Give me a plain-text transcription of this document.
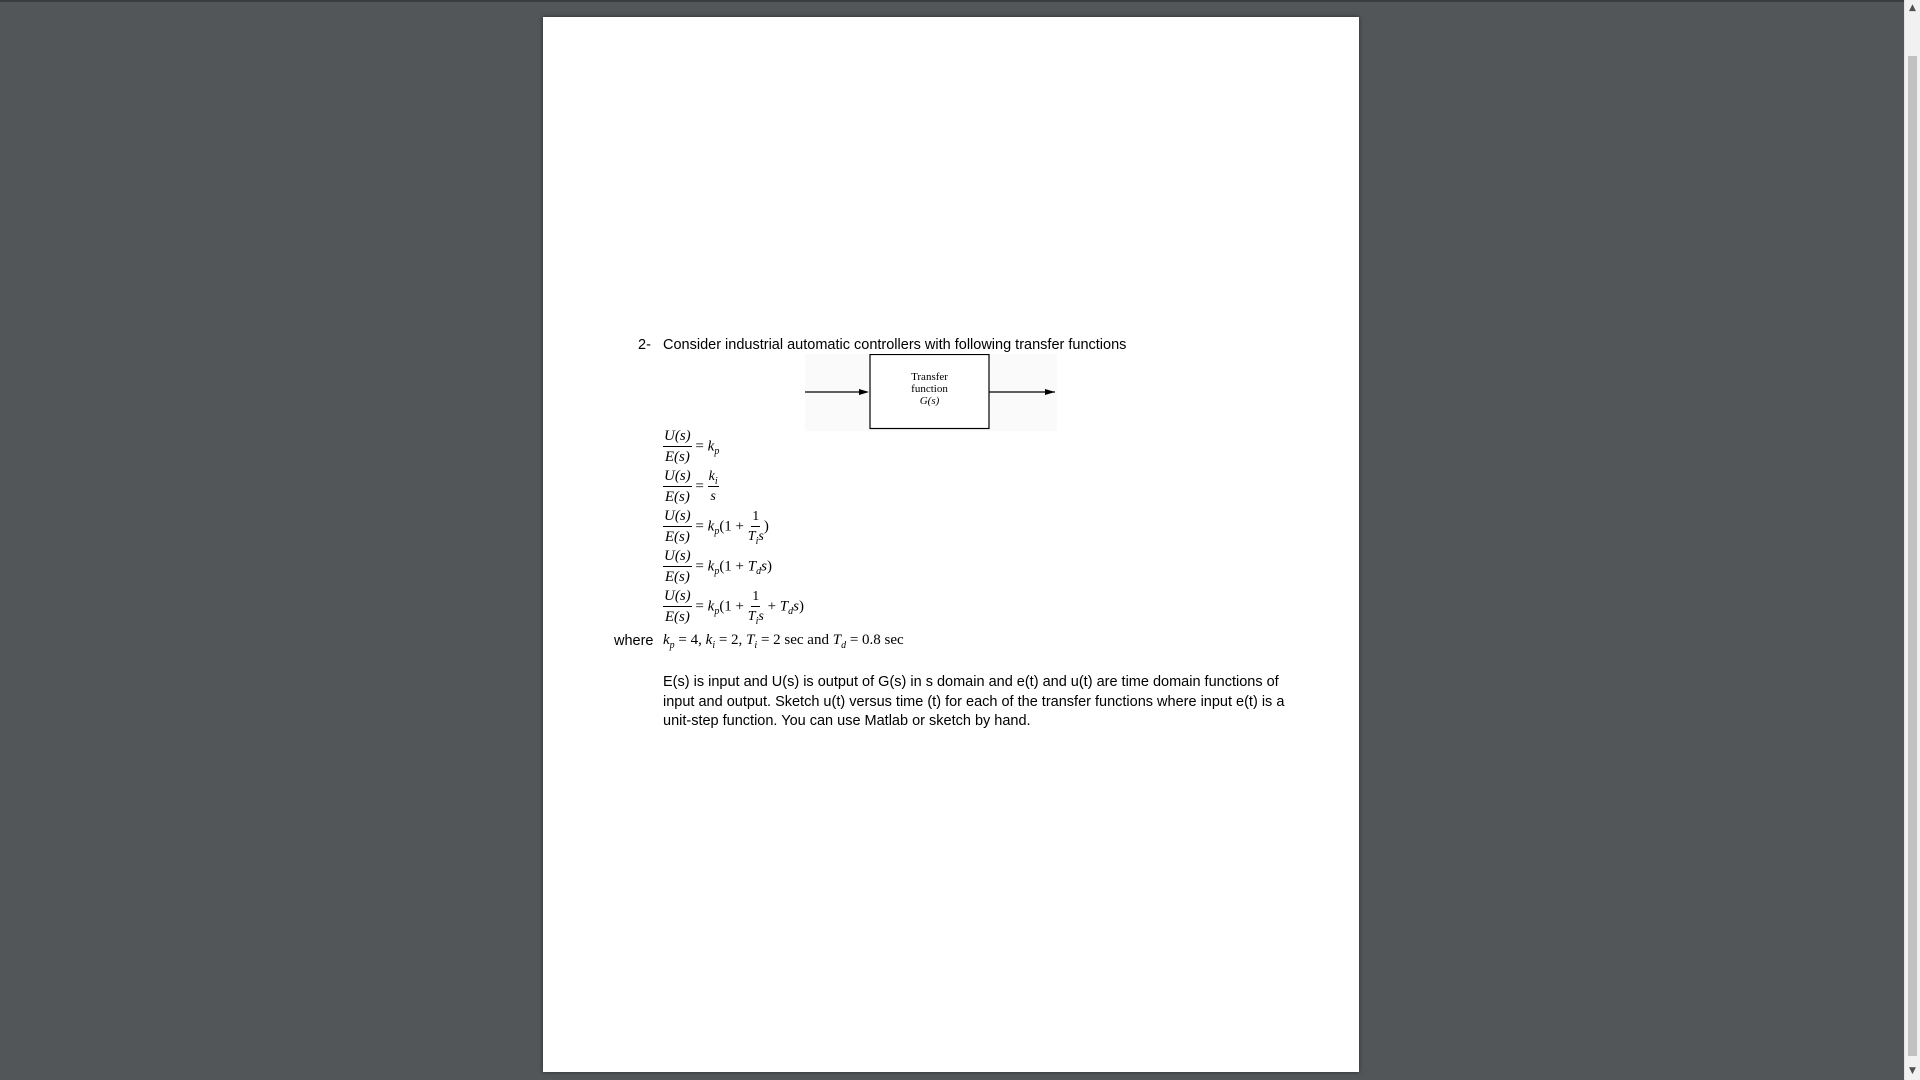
2- Consider industrial automatic controllers with following transfer functions
Transfer
function
G(s)
$\frac{U(s)}{E(s)} = k_p$
$\frac{U(s)}{E(s)} = \frac{k_i}{s}$
$\frac{U(s)}{E(s)} = k_p(1 + \frac{1}{T_is}$ )
$\frac{U(s)}{E(s)} = k_p(1 + T_ds)$
$\frac{U(s)}{E(s)} = k_p(1 + \frac{1}{T_is} + T_ds)$
where $k_p = 4$, $k_i = 2$, $T_i = 2$ sec and $T_d = 0.8$ sec
E(s) is input and U(s) is output of G(s) in s domain and e(t) and u(t) are time domain functions of input and output. Sketch u(t) versus time (t) for each of the transfer functions where input e(t) is a unit-step function. You can use Matlab or sketch by hand.
▲
▼
